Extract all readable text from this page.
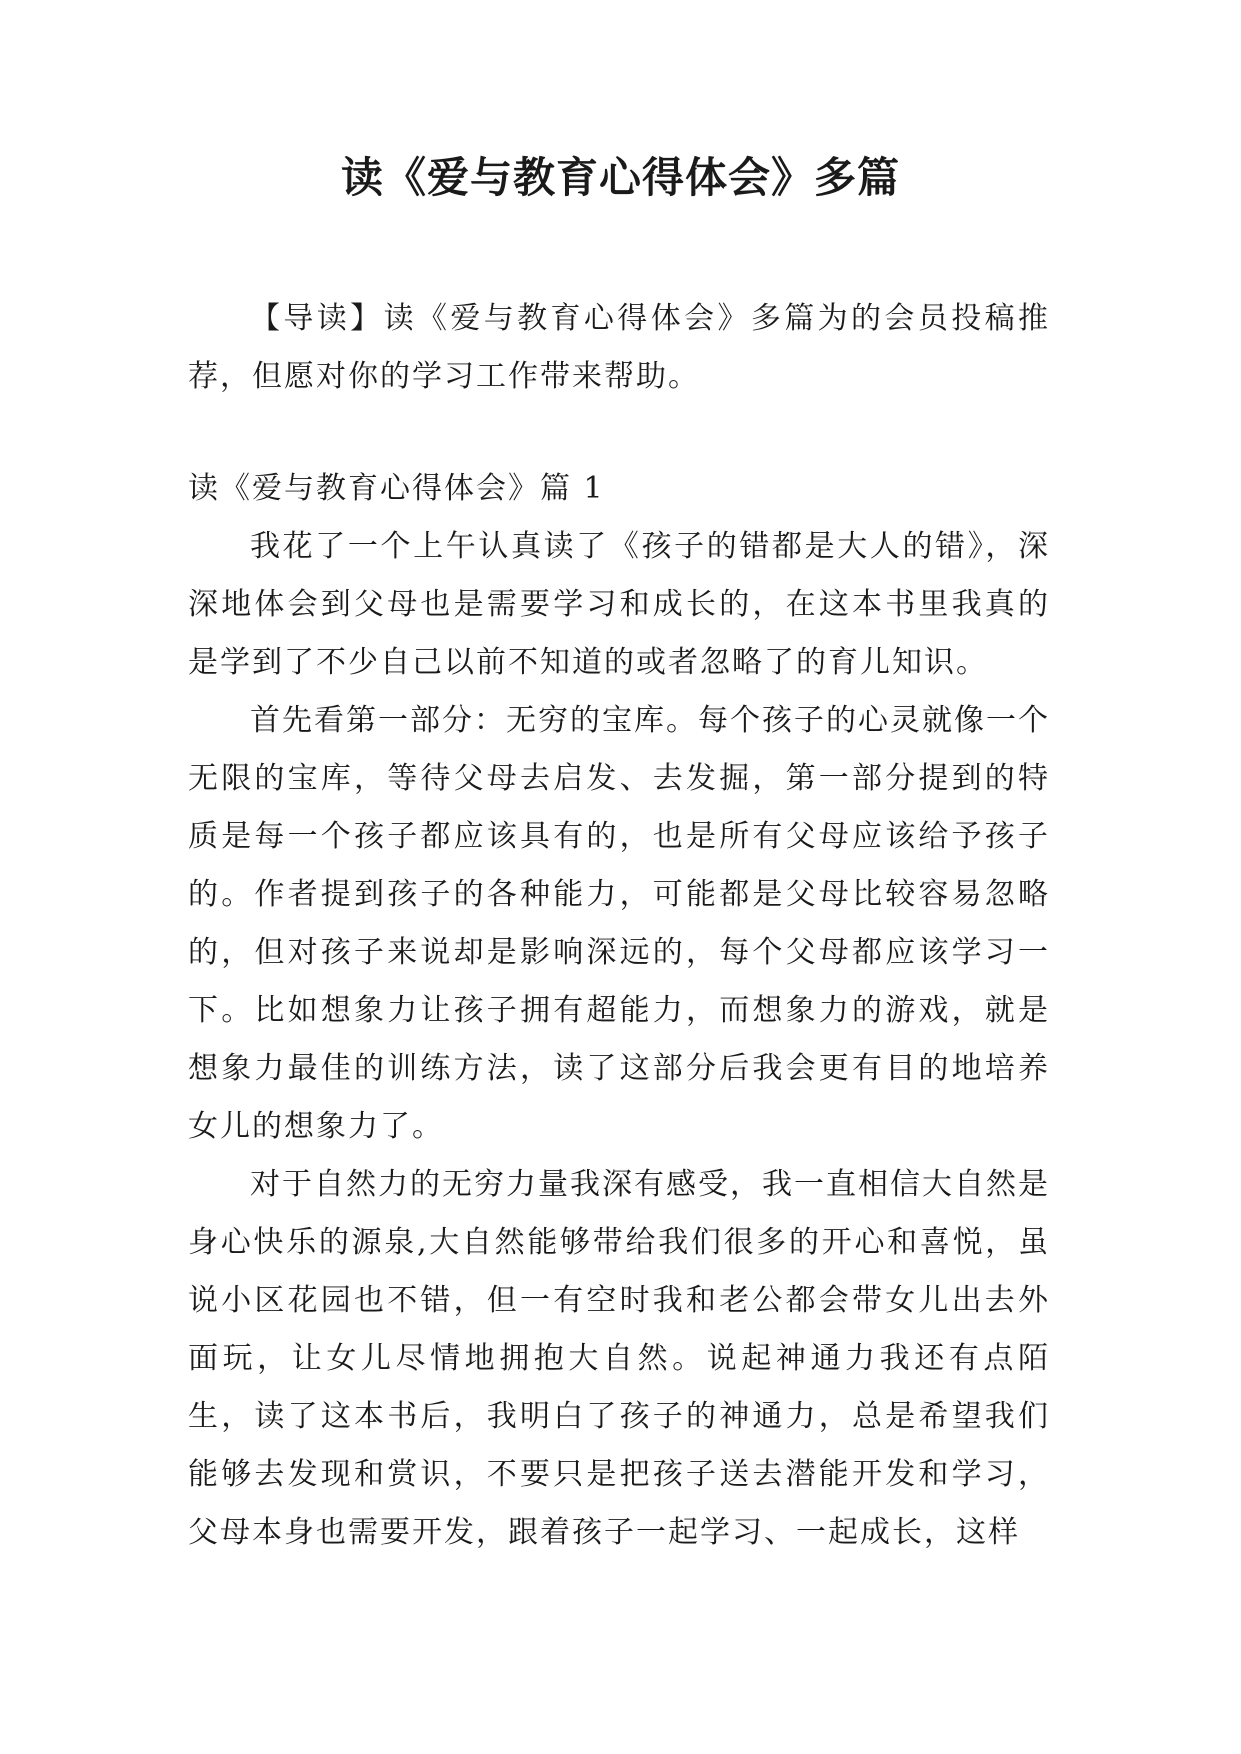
读《爱与教育心得体会》多篇

【导读】读《爱与教育心得体会》多篇为的会员投稿推荐，但愿对你的学习工作带来帮助。

读《爱与教育心得体会》篇 1

我花了一个上午认真读了《孩子的错都是大人的错》，深深地体会到父母也是需要学习和成长的，在这本书里我真的是学到了不少自己以前不知道的或者忽略了的育儿知识。

首先看第一部分：无穷的宝库。每个孩子的心灵就像一个无限的宝库，等待父母去启发、去发掘，第一部分提到的特质是每一个孩子都应该具有的，也是所有父母应该给予孩子的。作者提到孩子的各种能力，可能都是父母比较容易忽略的，但对孩子来说却是影响深远的，每个父母都应该学习一下。比如想象力让孩子拥有超能力，而想象力的游戏，就是想象力最佳的训练方法，读了这部分后我会更有目的地培养女儿的想象力了。

对于自然力的无穷力量我深有感受，我一直相信大自然是身心快乐的源泉,大自然能够带给我们很多的开心和喜悦，虽说小区花园也不错，但一有空时我和老公都会带女儿出去外面玩，让女儿尽情地拥抱大自然。说起神通力我还有点陌生，读了这本书后，我明白了孩子的神通力，总是希望我们能够去发现和赏识，不要只是把孩子送去潜能开发和学习，父母本身也需要开发，跟着孩子一起学习、一起成长，这样
